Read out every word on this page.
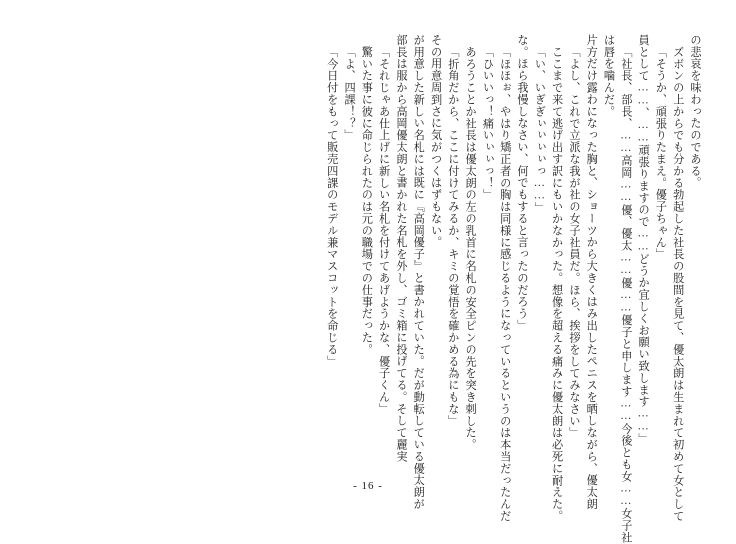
「今日付をもって販売四課のモデル兼マスコットを命じる」 「よ、四課！？」 驚いた事に彼に命じられたのは元の職場での仕事だった。 「それじゃあ仕上げに新しい名札を付けてあげようかな、優子くん」 部長は服から高岡優太朗と書かれた名札を外し、ゴミ箱に投げてる。そして麗実 が用意した新しい名札には既に『高岡優子』と書かれていた。だが動転している優太朗が その用意周到さに気がつくはずもない。 「折角だから、ここに付けてみるか、キミの覚悟を確かめる為にもな」 あろうことか社長は優太朗の左の乳首に名札の安全ピンの先を突き刺した。 「ひいいっ！痛いぃぃっ！」 「ほほぉ、やはり矯正者の胸は同様に感じるようになっているというのは本当だったんだ な。ほら我慢しなさい、何でもすると言ったのだろう」 「い、いぎぎぃぃぃぃっ……」 ここまで来て逃げ出す訳にもいかなかった。想像を超える痛みに優太朗は必死に耐えた。 「よし、これで立派な我が社の女子社員だ。ほら、挨拶をしてみなさい」 片方だけ露わになった胸と、ショーツから大きくはみ出したペニスを晒しながら、優太朗 は唇を噛んだ。 「社長、部長、……高岡……優、優太……優……優子と申します……今後とも女……女子社 員として……、……頑張りますので……どうか宜しくお願い致します……」 「そうか、頑張りたまえ。優子ちゃん」 ズボンの上からでも分かる勃起した社長の股間を見て、優太朗は生まれて初めて女として の悲哀を味わったのである。
- 16 -
